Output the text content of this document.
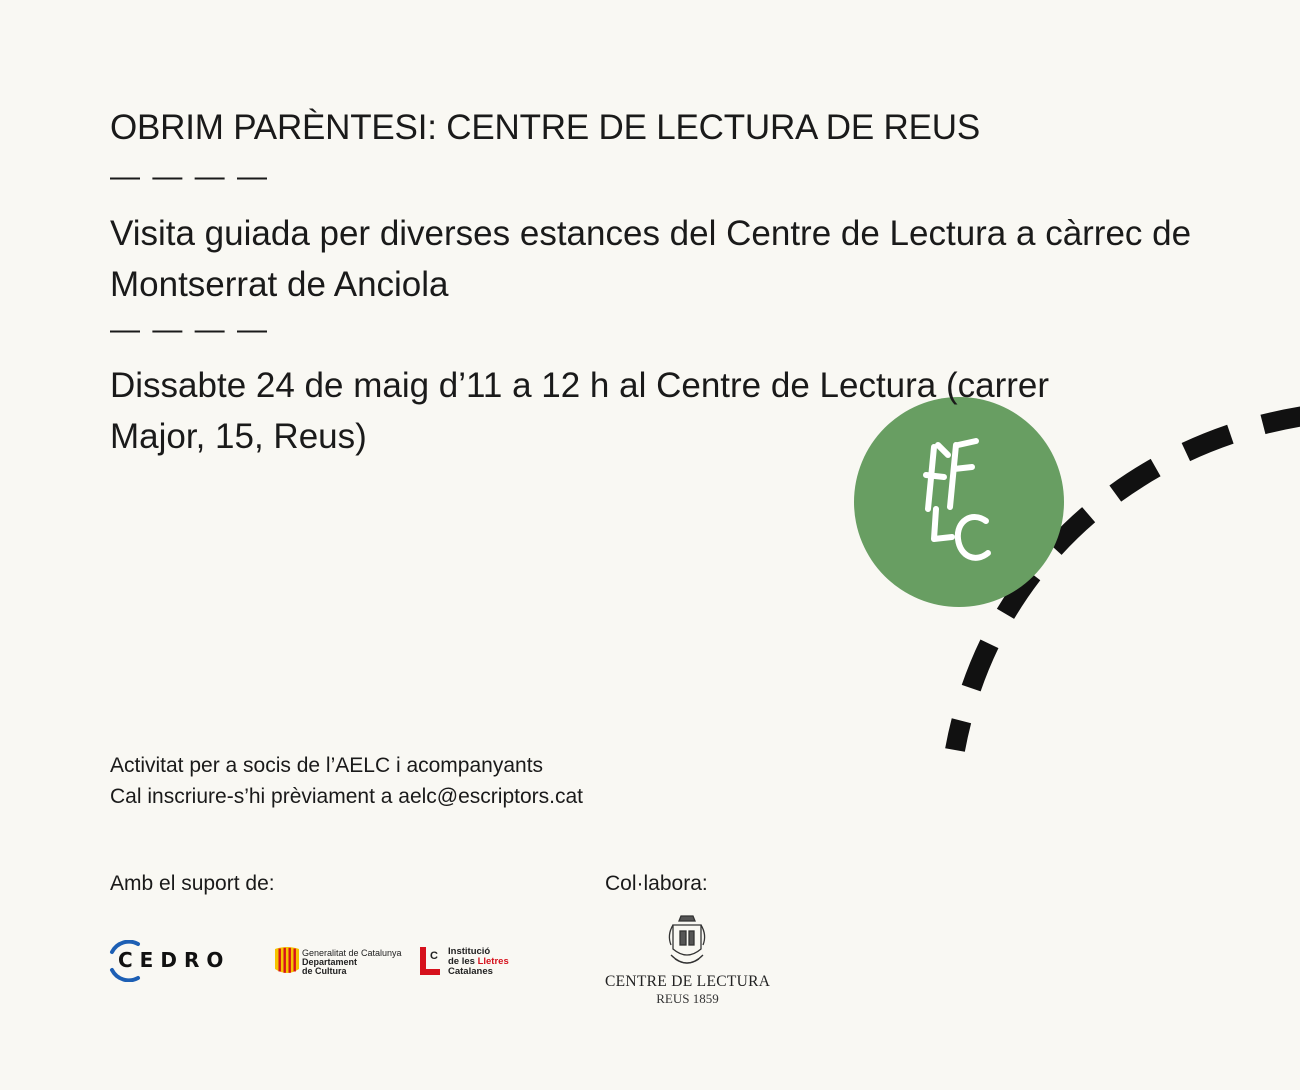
OBRIM PARÈNTESI: CENTRE DE LECTURA DE REUS
— — — —

Visita guiada per diverses estances del Centre de Lectura a càrrec de Montserrat de Anciola

— — — —

Dissabte 24 de maig d’11 a 12 h al Centre de Lectura (carrer Major, 15, Reus)

Activitat per a socis de l’AELC i acompanyants
Cal inscriure-s’hi prèviament a aelc@escriptors.cat
Amb el suport de:	Col·labora:
CEDRO	Generalitat de Catalunya
Departament
de Cultura
C Institució
de les Lletres
Catalanes
CENTRE DE LECTURA
REUS 1859
